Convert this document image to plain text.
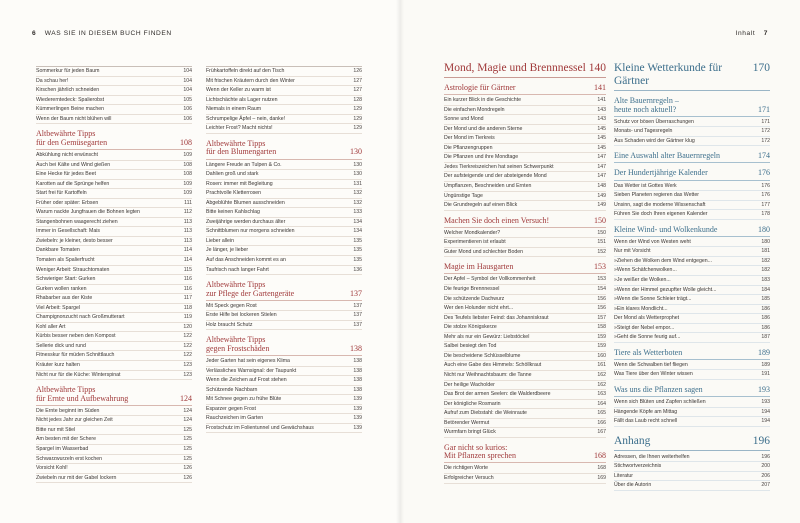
6 WAS SIE IN DIESEM BUCH FINDEN
Sommerkur für jeden Baum	104
Da schau her!	104
Kirschen jährlich schneiden	104
Wiedererntedeck: Spalierobst	105
Kümmerlingen Beine machen	106
Wenn der Baum nicht blühen will	106
Altbewährte Tipps
für den Gemüsegarten	108
Abkühlung nicht erwünscht	109
Auch bei Kälte und Wind gießen	108
Eine Hecke für jedes Beet	108
Karotten auf die Sprünge helfen	109
Start frei für Kartoffeln	109
Früher oder später: Erbsen	111
Warum nackte Jungfrauen die Bohnen legten	112
Stangenbohnen waagerecht ziehen	113
Immer in Gesellschaft: Mais	113
Zwiebeln: je kleiner, desto besser	113
Dankbare Tomaten	114
Tomaten als Spalierfrucht	114
Weniger Arbeit: Strauchtomaten	115
Schwieriger Start: Gurken	116
Gurken wollen ranken	116
Rhabarber aus der Kiste	117
Viel Arbeit: Spargel	118
Champignonzucht nach Großmutterart	119
Kohl aller Art	120
Kürbis besser neben den Kompost	122
Sellerie dick und rund	122
Fitnesskur für müden Schnittlauch	122
Kräuter kurz halten	123
Nicht nur für die Küche: Winterspinat	123
Altbewährte Tipps
für Ernte und Aufbewahrung	124
Die Ernte beginnt im Süden	124
Nicht jedes Jahr zur gleichen Zeit	124
Bitte nur mit Stiel	125
Am besten mit der Schere	125
Spargel im Wasserbad	125
Schwarzwurzeln erst kochen	125
Vorsicht Kohl!	126
Zwiebeln nur mit der Gabel lockern	126
Frühkartoffeln direkt auf den Tisch	126
Mit frischen Kräutern durch den Winter	127
Wenn der Keller zu warm ist	127
Lichtschächte als Lager nutzen	128
Niemals in einem Raum	129
Schrumpelige Äpfel – nein, danke!	129
Leichter Frost? Macht nichts!	129
Altbewährte Tipps
für den Blumengarten	130
Längere Freude an Tulpen & Co.	130
Dahlien groß und stark	130
Rosen: immer mit Begleitung	131
Prachtvolle Kletterrosen	132
Abgeblühte Blumen ausschneiden	132
Bitte keinen Kahlschlag	133
Zweijährige werden durchaus älter	134
Schnittblumen nur morgens schneiden	134
Lieber allein	135
Je länger, je lieber	135
Auf das Anschneiden kommt es an	135
Taufrisch nach langer Fahrt	136
Altbewährte Tipps
zur Pflege der Gartengeräte	137
Mit Speck gegen Rost	137
Erste Hilfe bei lockeren Stielen	137
Holz braucht Schutz	137
Altbewährte Tipps
gegen Frostschäden	138
Jeder Garten hat sein eigenes Klima	138
Verlässliches Warnsignal: der Taupunkt	138
Wenn die Zeichen auf Frost stehen	138
Schützende Nachbarn	138
Mit Schnee gegen zu frühe Blüte	139
Esparzer gegen Frost	139
Rauchzeichen im Garten	139
Frostschutz im Folientunnel und Gewächshaus	139
Inhalt 7
Mond, Magie und Brennnessel 140
Astrologie für Gärtner	141
Ein kurzer Blick in die Geschichte	141
Die einfachen Mondregeln	143
Sonne und Mond	143
Der Mond und die anderen Sterne	145
Der Mond im Tierkreis	145
Die Pflanzengruppen	145
Die Pflanzen und ihre Mondtage	147
Jedes Tierkreiszeichen hat seinen Schwerpunkt	147
Der aufsteigende und der absteigende Mond	147
Umpflanzen, Beschneiden und Ernten	148
Ungünstige Tage	149
Die Grundregeln auf einen Blick	149
Machen Sie doch einen Versuch!	150
Welcher Mondkalender?	150
Experimentieren ist erlaubt	151
Guter Mond und schlechter Boden	152
Magie im Hausgarten	153
Der Apfel – Symbol der Vollkommenheit	153
Die feurige Brennnessel	154
Die schützende Dachwurz	156
Wer den Holunder nicht ehrt...	156
Des Teufels liebster Feind: das Johanniskraut	157
Die stolze Königskerze	158
Mehr als nur ein Gewürz: Liebstöckel	159
Salbei besiegt den Tod	159
Die bescheidene Schlüsselblume	160
Auch eine Gabe des Himmels: Schöllkraut	161
Nicht nur Weihnachtsbaum: die Tanne	162
Der heilige Wacholder	162
Das Brot der armen Seelen: die Walderdbeere	163
Der königliche Rosmarin	164
Aufruf zum Diebstahl: die Weinraute	165
Betörender Wermut	166
Wurmfarn bringt Glück	167
Gar nicht so kurios:
Mit Pflanzen sprechen	168
Die richtigen Worte	168
Erfolgreicher Versuch	169
Kleine Wetterkunde für Gärtner
170
Alte Bauernregeln –
heute noch aktuell?	171
Schutz vor bösen Überraschungen	171
Monats- und Tagesregeln	172
Aus Schaden wird der Gärtner klug	172
Eine Auswahl alter Bauernregeln	174
Der Hundertjährige Kalender	176
Das Wetter ist Gottes Werk	176
Sieben Planeten regieren das Wetter	176
Unsinn, sagt die moderne Wissenschaft	177
Führen Sie doch Ihren eigenen Kalender	178
Kleine Wind- und Wolkenkunde	180
Wenn der Wind von Westen weht	180
Nur mit Vorsicht	181
»Ziehen die Wolken dem Wind entgegen...	182
»Wenn Schäfchenwolken...	182
»Je weißer die Wolken...	183
»Wenn der Himmel gezupfter Wolle gleicht...	184
»Wenn die Sonne Schleier trägt...	185
»Ein klares Mondlicht...	186
Der Mond als Wetterprophet	186
»Steigt der Nebel empor...	186
»Geht die Sonne feurig auf...	187
Tiere als Wetterboten	189
Wenn die Schwalben tief fliegen	189
Was Tiere über den Winter wissen	191
Was uns die Pflanzen sagen	193
Wenn sich Blüten und Zapfen schließen	193
Hängende Köpfe am Mittag	194
Fällt das Laub recht schnell	194
Anhang	196
Adressen, die Ihnen weiterhelfen	196
Stichwortverzeichnis	200
Literatur	206
Über die Autorin	207
